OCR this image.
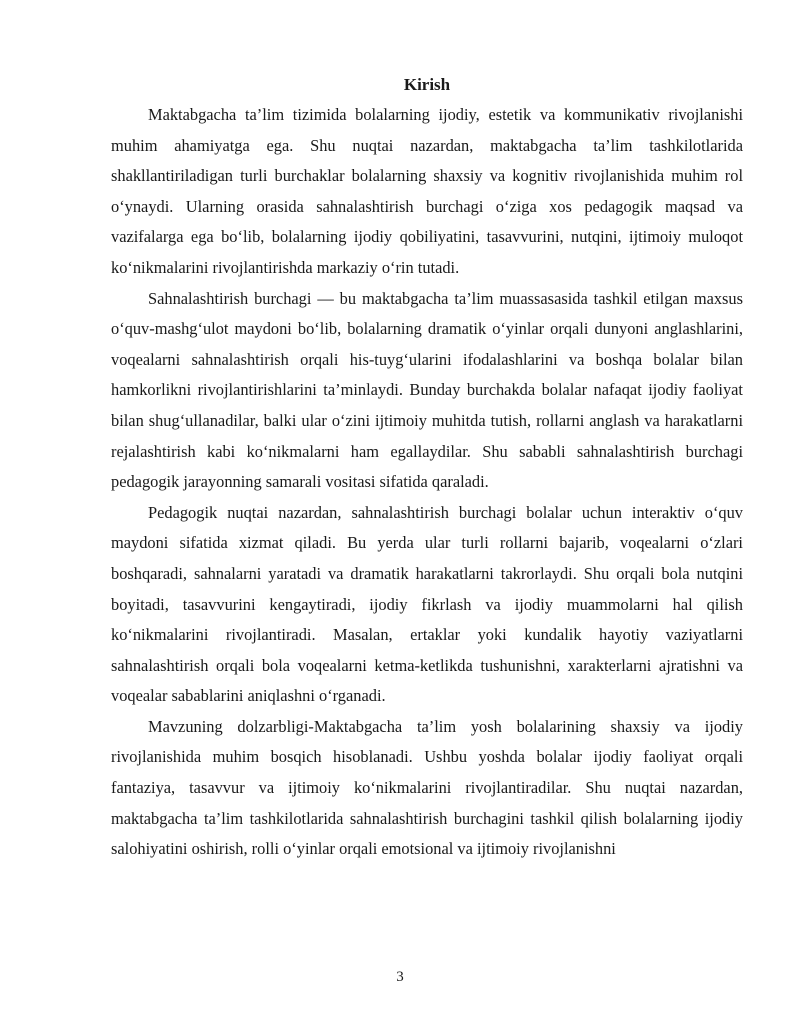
Kirish

Maktabgacha ta’lim tizimida bolalarning ijodiy, estetik va kommunikativ rivojlanishi muhim ahamiyatga ega. Shu nuqtai nazardan, maktabgacha ta’lim tashkilotlarida shakllantiriladigan turli burchaklar bolalarning shaxsiy va kognitiv rivojlanishida muhim rol o‘ynaydi. Ularning orasida sahnalashtirish burchagi o‘ziga xos pedagogik maqsad va vazifalarga ega bo‘lib, bolalarning ijodiy qobiliyatini, tasavvurini, nutqini, ijtimoiy muloqot ko‘nikmalarini rivojlantirishda markaziy o‘rin tutadi.

Sahnalashtirish burchagi — bu maktabgacha ta’lim muassasasida tashkil etilgan maxsus o‘quv-mashg‘ulot maydoni bo‘lib, bolalarning dramatik o‘yinlar orqali dunyoni anglashlarini, voqealarni sahnalashtirish orqali his-tuyg‘ularini ifodalashlarini va boshqa bolalar bilan hamkorlikni rivojlantirishlarini ta’minlaydi. Bunday burchakda bolalar nafaqat ijodiy faoliyat bilan shug‘ullanadilar, balki ular o‘zini ijtimoiy muhitda tutish, rollarni anglash va harakatlarni rejalashtirish kabi ko‘nikmalarni ham egallaydilar. Shu sababli sahnalashtirish burchagi pedagogik jarayonning samarali vositasi sifatida qaraladi.

Pedagogik nuqtai nazardan, sahnalashtirish burchagi bolalar uchun interaktiv o‘quv maydoni sifatida xizmat qiladi. Bu yerda ular turli rollarni bajarib, voqealarni o‘zlari boshqaradi, sahnalarni yaratadi va dramatik harakatlarni takrorlaydi. Shu orqali bola nutqini boyitadi, tasavvurini kengaytiradi, ijodiy fikrlash va ijodiy muammolarni hal qilish ko‘nikmalarini rivojlantiradi. Masalan, ertaklar yoki kundalik hayotiy vaziyatlarni sahnalashtirish orqali bola voqealarni ketma-ketlikda tushunishni, xarakterlarni ajratishni va voqealar sabablarini aniqlashni o‘rganadi.

Mavzuning dolzarbligi-Maktabgacha ta’lim yosh bolalarining shaxsiy va ijodiy rivojlanishida muhim bosqich hisoblanadi. Ushbu yoshda bolalar ijodiy faoliyat orqali fantaziya, tasavvur va ijtimoiy ko‘nikmalarini rivojlantiradilar. Shu nuqtai nazardan, maktabgacha ta’lim tashkilotlarida sahnalashtirish burchagini tashkil qilish bolalarning ijodiy salohiyatini oshirish, rolli o‘yinlar orqali emotsional va ijtimoiy rivojlanishni

3
